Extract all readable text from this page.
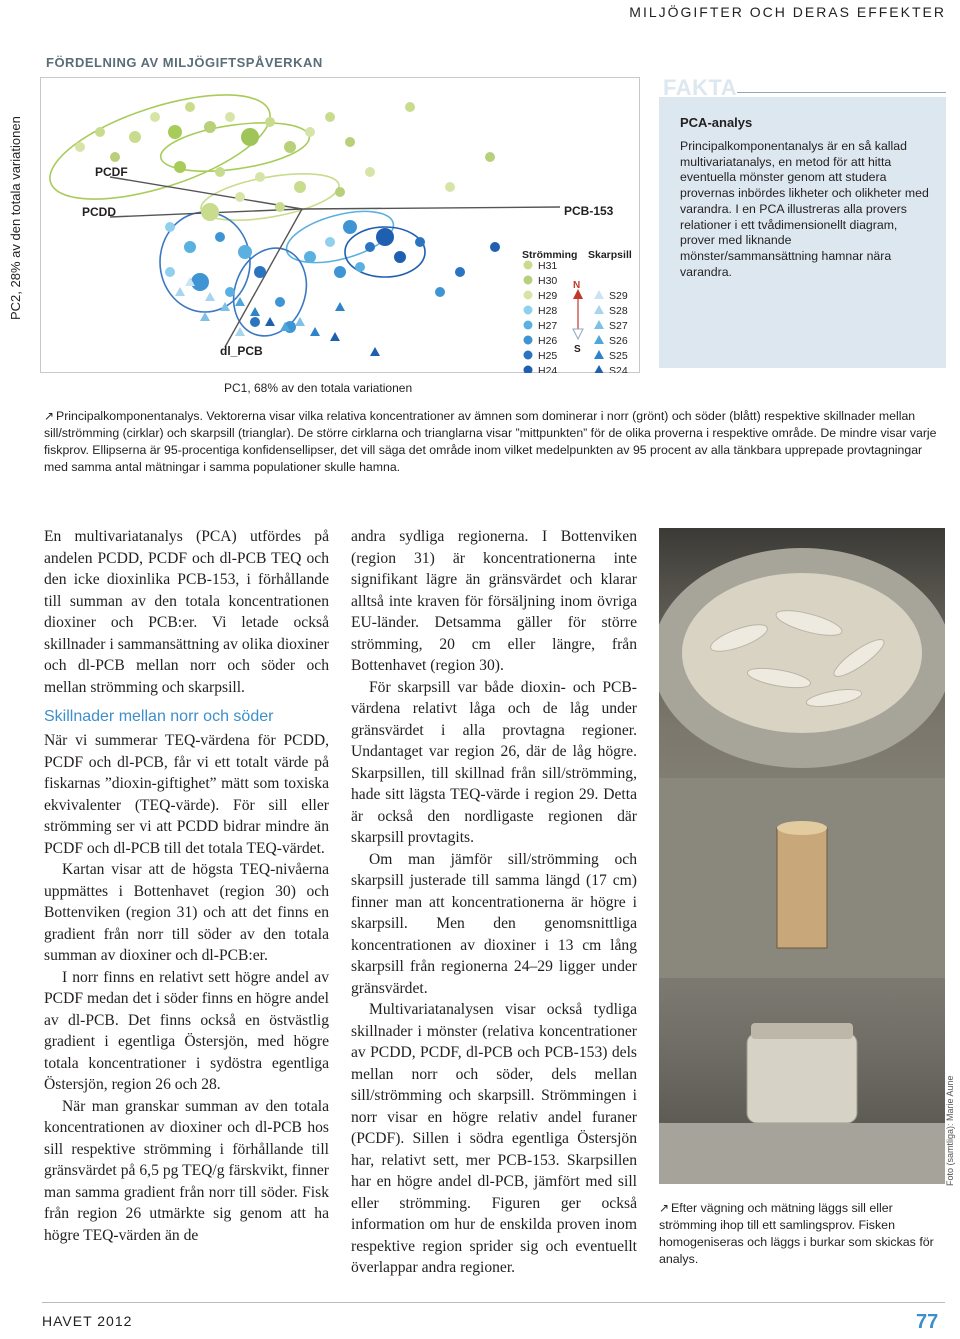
MILJÖGIFTER OCH DERAS EFFEKTER
FÖRDELNING AV MILJÖGIFTSPÅVERKAN
PC2, 28% av den totala variationen	PCDF
PCDD	PCB-153
dl_PCB
Strömming Skarpsill
H31
H30
H29
H28
H27
H26
H25
H24
S29
S28
S27
S26
S25
S24
N
S
PC1, 68% av den totala variationen
FAKTA
PCA-analys
Principalkomponentanalys är en så kallad multivariatanalys, en metod för att hitta eventuella mönster genom att studera provernas inbördes likheter och olikheter med varandra. I en PCA illustreras alla provers relationer i ett tvådimensionellt diagram, prover med liknande mönster/sammansättning hamnar nära varandra.
↗ Principalkomponentanalys. Vektorerna visar vilka relativa koncentrationer av ämnen som dominerar i norr (grönt) och söder (blått) respektive skillnader mellan sill/strömming (cirklar) och skarpsill (trianglar). De större cirklarna och trianglarna visar ”mittpunkten” för de olika proverna i respektive område. De mindre visar varje fiskprov. Ellipserna är 95-procentiga konfidensellipser, det vill säga det område inom vilket medelpunkten av 95 procent av alla tänkbara upprepade provtagningar med samma antal mätningar i samma populationer skulle hamna.

En multivariatanalys (PCA) utfördes på andelen PCDD, PCDF och dl-PCB TEQ och den icke dioxinlika PCB-153, i förhållande till summan av den totala koncentrationen dioxiner och PCB:er. Vi letade också skillnader i sammansättning av olika dioxiner och dl-PCB mellan norr och söder och mellan strömming och skarpsill.

Skillnader mellan norr och söder

När vi summerar TEQ-värdena för PCDD, PCDF och dl-PCB, får vi ett totalt värde på fiskarnas ”dioxin-giftighet” mätt som toxiska ekvivalenter (TEQ-värde). För sill eller strömming ser vi att PCDD bidrar mindre än PCDF och dl-PCB till det totala TEQ-värdet.

Kartan visar att de högsta TEQ-nivåerna uppmättes i Bottenhavet (region 30) och Bottenviken (region 31) och att det finns en gradient från norr till söder av den totala summan av dioxiner och dl-PCB:er.

I norr finns en relativt sett högre andel av PCDF medan det i söder finns en högre andel av dl-PCB. Det finns också en östvästlig gradient i egentliga Östersjön, med högre totala koncentrationer i sydöstra egentliga Östersjön, region 26 och 28.

När man granskar summan av den totala koncentrationen av dioxiner och dl-PCB hos sill respektive strömming i förhållande till gränsvärdet på 6,5 pg TEQ/g färskvikt, finner man samma gradient från norr till söder. Fisk från region 26 utmärkte sig genom att ha högre TEQ-värden än de

andra sydliga regionerna. I Bottenviken (region 31) är koncentrationerna inte signifikant lägre än gränsvärdet och klarar alltså inte kraven för försäljning inom övriga EU-länder. Detsamma gäller för större strömming, 20 cm eller längre, från Bottenhavet (region 30).

För skarpsill var både dioxin- och PCB-värdena relativt låga och de låg under gränsvärdet i alla provtagna regioner. Undantaget var region 26, där de låg högre. Skarpsillen, till skillnad från sill/strömming, hade sitt lägsta TEQ-värde i region 29. Detta är också den nordligaste regionen där skarpsill provtagits.

Om man jämför sill/strömming och skarpsill justerade till samma längd (17 cm) finner man att koncentrationerna är högre i skarpsill. Men den genomsnittliga koncentrationen av dioxiner i 13 cm lång skarpsill från regionerna 24–29 ligger under gränsvärdet.

Multivariatanalysen visar också tydliga skillnader i mönster (relativa koncentrationer av PCDD, PCDF, dl-PCB och PCB-153) dels mellan norr och söder, dels mellan sill/strömming och skarpsill. Strömmingen i norr visar en högre relativ andel furaner (PCDF). Sillen i södra egentliga Östersjön har, relativt sett, mer PCB-153. Skarpsillen har en högre andel dl-PCB, jämfört med sill eller strömming. Figuren ger också information om hur de enskilda proven inom respektive region sprider sig och eventuellt överlappar andra regioner.

Foto (samtliga): Marie Aune
↗ Efter vägning och mätning läggs sill eller strömming ihop till ett samlingsprov. Fisken homogeniseras och läggs i burkar som skickas för analys.
HAVET 2012	77
